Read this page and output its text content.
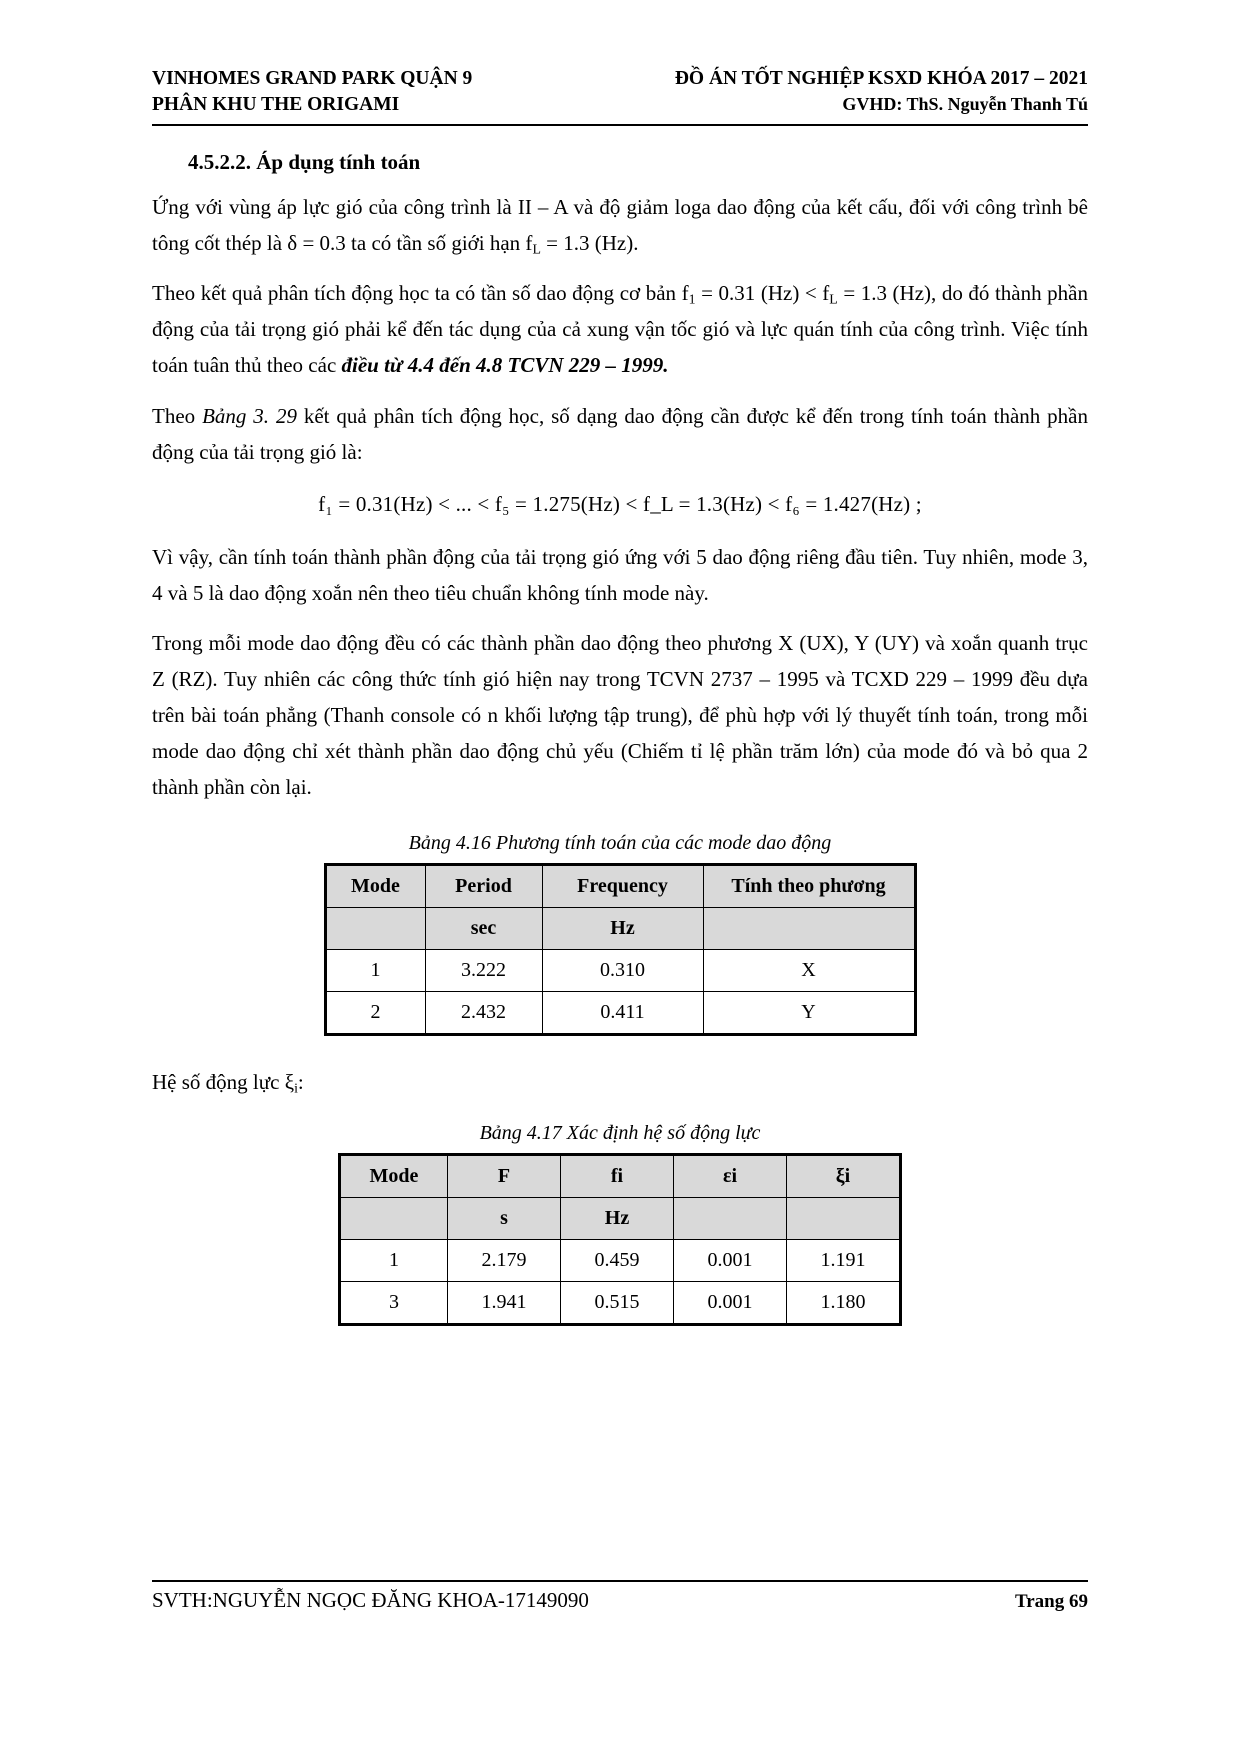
VINHOMES GRAND PARK QUẬN 9	ĐỒ ÁN TỐT NGHIỆP KSXD KHÓA 2017 – 2021
PHÂN KHU THE ORIGAMI	GVHD: ThS. Nguyễn Thanh Tú
4.5.2.2. Áp dụng tính toán

Ứng với vùng áp lực gió của công trình là II – A và độ giảm loga dao động của kết cấu, đối với công trình bê tông cốt thép là δ = 0.3 ta có tần số giới hạn $f_L = 1.3$ (Hz).

Theo kết quả phân tích động học ta có tần số dao động cơ bản $f_1 = 0.31$ $(Hz) < f_L = 1.3$ (Hz), do đó thành phần động của tải trọng gió phải kể đến tác dụng của cả xung vận tốc gió và lực quán tính của công trình. Việc tính toán tuân thủ theo các điều từ 4.4 đến 4.8 TCVN 229 – 1999.

Theo Bảng 3. 29 kết quả phân tích động học, số dạng dao động cần được kể đến trong tính toán thành phần động của tải trọng gió là:

f₁ = 0.31(Hz) < ... < f₅ = 1.275(Hz) < f_L = 1.3(Hz) < f₆ = 1.427(Hz) ;

Vì vậy, cần tính toán thành phần động của tải trọng gió ứng với 5 dao động riêng đầu tiên. Tuy nhiên, mode 3, 4 và 5 là dao động xoắn nên theo tiêu chuẩn không tính mode này.

Trong mỗi mode dao động đều có các thành phần dao động theo phương X (UX), Y (UY) và xoắn quanh trục Z (RZ). Tuy nhiên các công thức tính gió hiện nay trong TCVN 2737 – 1995 và TCXD 229 – 1999 đều dựa trên bài toán phẳng (Thanh console có n khối lượng tập trung), để phù hợp với lý thuyết tính toán, trong mỗi mode dao động chỉ xét thành phần dao động chủ yếu (Chiếm tỉ lệ phần trăm lớn) của mode đó và bỏ qua 2 thành phần còn lại.

Bảng 4.16 Phương tính toán của các mode dao động
Mode	Period	Frequency	Tính theo phương
	sec	Hz	
1	3.222	0.310	X
2	2.432	0.411	Y

Hệ số động lực $\xi_i$:

Bảng 4.17 Xác định hệ số động lực
Mode	F	fi	εi	ξi
	s	Hz		
1	2.179	0.459	0.001	1.191
3	1.941	0.515	0.001	1.180
SVTH:NGUYỄN NGỌC ĐĂNG KHOA-17149090	Trang 69
